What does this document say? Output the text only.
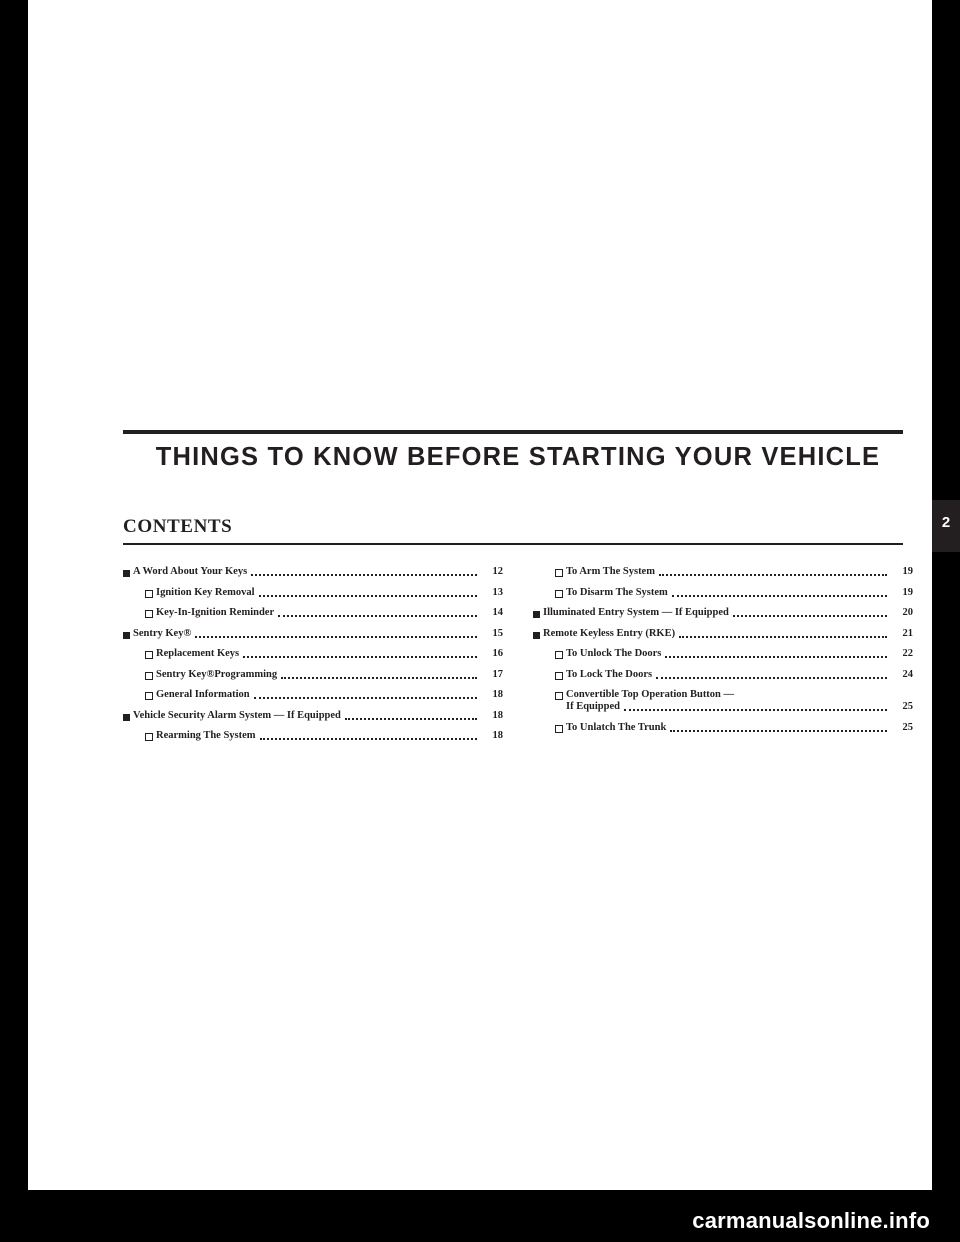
THINGS TO KNOW BEFORE STARTING YOUR VEHICLE
CONTENTS
A Word About Your Keys	12
Ignition Key Removal	13
Key-In-Ignition Reminder	14
Sentry Key ®	15
Replacement Keys	16
Sentry Key ® Programming	17
General Information	18
Vehicle Security Alarm System — If Equipped	18
Rearming The System	18
To Arm The System	19
To Disarm The System	19
Illuminated Entry System — If Equipped	20
Remote Keyless Entry (RKE)	21
To Unlock The Doors	22
To Lock The Doors	24
Convertible Top Operation Button —
If Equipped	25
To Unlatch The Trunk	25
2
carmanualsonline.info
